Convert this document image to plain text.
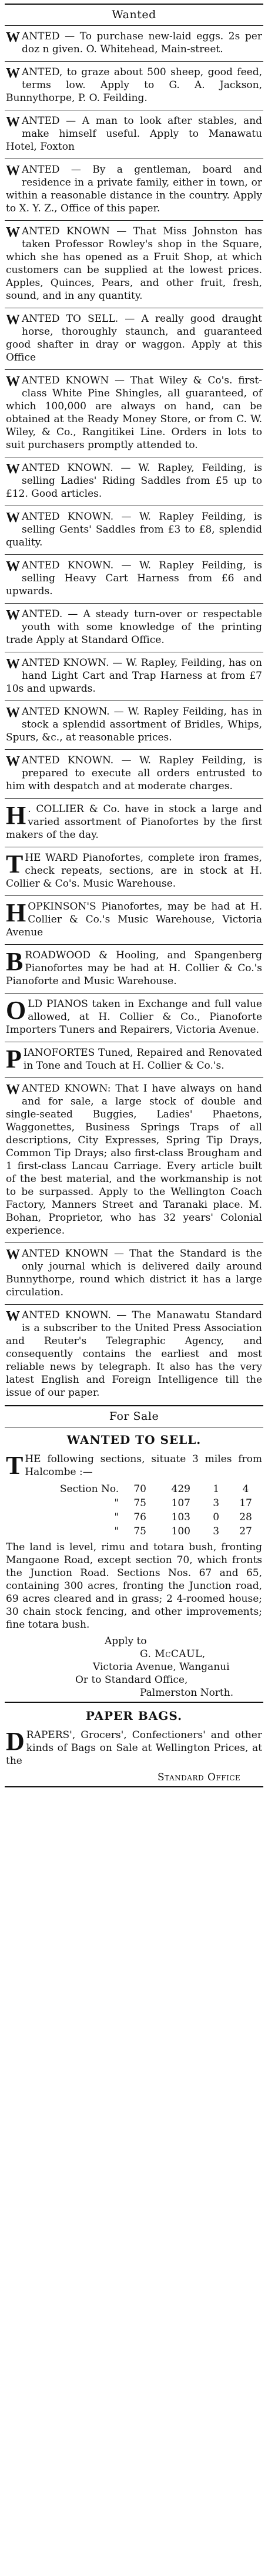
Wanted
W ANTED — To purchase new-laid eggs. 2s per doz n given. O. Whitehead, Main-street.
W ANTED, to graze about 500 sheep, good feed, terms low. Apply to G. A. Jackson, Bunnythorpe, P. O. Feilding.
W ANTED — A man to look after stables, and make himself useful. Apply to Manawatu Hotel, Foxton
W ANTED — By a gentleman, board and residence in a private family, either in town, or within a reasonable distance in the country. Apply to X. Y. Z., Office of this paper.
W ANTED KNOWN — That Miss Johnston has taken Professor Rowley's shop in the Square, which she has opened as a Fruit Shop, at which customers can be supplied at the lowest prices. Apples, Quinces, Pears, and other fruit, fresh, sound, and in any quantity.
W ANTED TO SELL. — A really good draught horse, thoroughly staunch, and guaranteed good shafter in dray or waggon. Apply at this Office
W ANTED KNOWN — That Wiley & Co's. first-class White Pine Shingles, all guaranteed, of which 100,000 are always on hand, can be obtained at the Ready Money Store, or from C. W. Wiley, & Co., Rangitikei Line. Orders in lots to suit purchasers promptly attended to.
W ANTED KNOWN. — W. Rapley, Feilding, is selling Ladies' Riding Saddles from £5 up to £12. Good articles.
W ANTED KNOWN. — W. Rapley Feilding, is selling Gents' Saddles from £3 to £8, splendid quality.
W ANTED KNOWN. — W. Rapley Feilding, is selling Heavy Cart Harness from £6 and upwards.
W ANTED. — A steady turn-over or respectable youth with some knowledge of the printing trade Apply at Standard Office.
W ANTED KNOWN. — W. Rapley, Feilding, has on hand Light Cart and Trap Harness at from £7 10s and upwards.
W ANTED KNOWN. — W. Rapley Feilding, has in stock a splendid assortment of Bridles, Whips, Spurs, &c., at reasonable prices.
W ANTED KNOWN. — W. Rapley Feilding, is prepared to execute all orders entrusted to him with despatch and at moderate charges.
H . COLLIER & Co. have in stock a large and varied assortment of Pianofortes by the first makers of the day.
THE WARD Pianofortes, complete iron frames, check repeats, sections, are in stock at H. Collier & Co's. Music Warehouse.
HOPKINSON'S Pianofortes, may be had at H. Collier & Co.'s Music Warehouse, Victoria Avenue
BROADWOOD & Hooling, and Spangenberg Pianofortes may be had at H. Collier & Co.'s Pianoforte and Music Warehouse.
OLD PIANOS taken in Exchange and full value allowed, at H. Collier & Co., Pianoforte Importers Tuners and Repairers, Victoria Avenue.
PIANOFORTES Tuned, Repaired and Renovated in Tone and Touch at H. Collier & Co.'s.
W ANTED KNOWN: That I have always on hand and for sale, a large stock of double and single-seated Buggies, Ladies' Phaetons, Waggonettes, Business Springs Traps of all descriptions, City Expresses, Spring Tip Drays, Common Tip Drays; also first-class Brougham and 1 first-class Lancau Carriage. Every article built of the best material, and the workmanship is not to be surpassed. Apply to the Wellington Coach Factory, Manners Street and Taranaki place. M. Bohan, Proprietor, who has 32 years' Colonial experience.
W ANTED KNOWN — That the Standard is the only journal which is delivered daily around Bunnythorpe, round which district it has a large circulation.
W ANTED KNOWN. — The Manawatu Standard is a subscriber to the United Press Association and Reuter's Telegraphic Agency, and consequently contains the earliest and most reliable news by telegraph. It also has the very latest English and Foreign Intelligence till the issue of our paper.
For Sale
WANTED TO SELL.
T HE following sections, situate 3 miles from Halcombe :—
Section No.	70	429	1	4
"	75	107	3	17
"	76	103	0	28
"	75	100	3	27
The land is level, rimu and totara bush, fronting Mangaone Road, except section 70, which fronts the Junction Road. Sections Nos. 67 and 65, containing 300 acres, fronting the Junction road, 69 acres cleared and in grass; 2 4-roomed house; 30 chain stock fencing, and other improvements; fine totara bush.
Apply to
G. McCAUL,
Victoria Avenue, Wanganui
Or to Standard Office,
Palmerston North.
PAPER BAGS.
D RAPERS', Grocers', Confectioners' and other kinds of Bags on Sale at Wellington Prices, at the
Standard Office
